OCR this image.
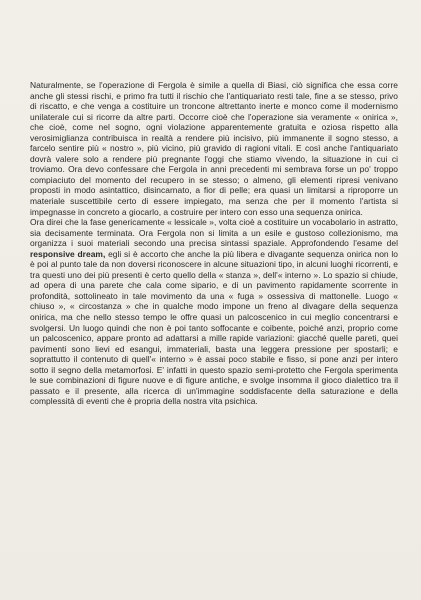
Naturalmente, se l'operazione di Fergola è simile a quella di Biasi, ciò significa che essa corre anche gli stessi rischi, e primo fra tutti il rischio che l'antiquariato resti tale, fine a se stesso, privo di riscatto, e che venga a costituire un troncone altrettanto inerte e monco come il modernismo unilaterale cui si ricorre da altre parti. Occorre cioè che l'operazione sia veramente « onirica », che cioè, come nel sogno, ogni violazione apparentemente gratuita e oziosa rispetto alla verosimiglianza contribuisca in realtà a rendere più incisivo, più immanente il sogno stesso, a farcelo sentire più « nostro », più vicino, più gravido di ragioni vitali. E così anche l'antiquariato dovrà valere solo a rendere più pregnante l'oggi che stiamo vivendo, la situazione in cui ci troviamo. Ora devo confessare che Fergola in anni precedenti mi sembrava forse un po' troppo compiaciuto del momento del recupero in se stesso; o almeno, gli elementi ripresi venivano proposti in modo asintattico, disincarnato, a fior di pelle; era quasi un limitarsi a riproporre un materiale suscettibile certo di essere impiegato, ma senza che per il momento l'artista si impegnasse in concreto a giocarlo, a costruire per intero con esso una sequenza onirica.

Ora direi che la fase genericamente « lessicale », volta cioè a costituire un vocabolario in astratto, sia decisamente terminata. Ora Fergola non si limita a un esile e gustoso collezionismo, ma organizza i suoi materiali secondo una precisa sintassi spaziale. Approfondendo l'esame del responsive dream, egli si è accorto che anche la più libera e divagante sequenza onirica non lo è poi al punto tale da non doversi riconoscere in alcune situazioni tipo, in alcuni luoghi ricorrenti, e tra questi uno dei più presenti è certo quello della « stanza », dell'« interno ». Lo spazio si chiude, ad opera di una parete che cala come sipario, e di un pavimento rapidamente scorrente in profondità, sottolineato in tale movimento da una « fuga » ossessiva di mattonelle. Luogo « chiuso », « circostanza » che in qualche modo impone un freno al divagare della sequenza onirica, ma che nello stesso tempo le offre quasi un palcoscenico in cui meglio concentrarsi e svolgersi. Un luogo quindi che non è poi tanto soffocante e coibente, poiché anzi, proprio come un palcoscenico, appare pronto ad adattarsi a mille rapide variazioni: giacché quelle pareti, quei pavimenti sono lievi ed esangui, immateriali, basta una leggera pressione per spostarli; e soprattutto il contenuto di quell'« interno » è assai poco stabile e fisso, si pone anzi per intero sotto il segno della metamorfosi. E' infatti in questo spazio semi-protetto che Fergola sperimenta le sue combinazioni di figure nuove e di figure antiche, e svolge insomma il gioco dialettico tra il passato e il presente, alla ricerca di un'immagine soddisfacente della saturazione e della complessità di eventi che è propria della nostra vita psichica.
